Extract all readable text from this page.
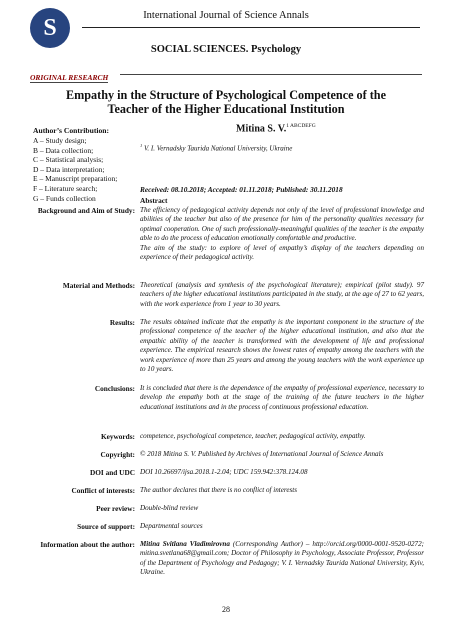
S	International Journal of Science Annals
SOCIAL SCIENCES. Psychology
ORIGINAL RESEARCH
Empathy in the Structure of Psychological Competence of the Teacher of the Higher Educational Institution
Author’s Contribution:
A – Study design;
B – Data collection;
C – Statistical analysis;
D – Data interpretation;
E – Manuscript preparation;
F – Literature search;
G – Funds collection
Mitina S. V.$^{1 ABCDEFG}$
$^1$ V. I. Vernadsky Taurida National University, Ukraine
Received: 08.10.2018; Accepted: 01.11.2018; Published: 30.11.2018
Abstract
Background and Aim of Study: The efficiency of pedagogical activity depends not only of the level of professional knowledge and abilities of the teacher but also of the presence for him of the personality qualities necessary for optimal cooperation. One of such professionally-meaningful qualities of the teacher is the empathy able to do the process of education emotionally comfortable and productive.
The aim of the study: to explore of level of empathy’s display of the teachers depending on experience of their pedagogical activity.
Material and Methods: Theoretical (analysis and synthesis of the psychological literature); empirical (pilot study). 97 teachers of the higher educational institutions participated in the study, at the age of 27 to 62 years, with the work experience from 1 year to 30 years.
Results: The results obtained indicate that the empathy is the important component in the structure of the professional competence of the teacher of the higher educational institution, and also that the empathic ability of the teacher is transformed with the development of life and professional experience. The empirical research shows the lowest rates of empathy among the teachers with the work experience of more than 25 years and among the young teachers with the work experience up to 10 years.
Conclusions: It is concluded that there is the dependence of the empathy of professional experience, necessary to develop the empathy both at the stage of the training of the future teachers in the higher educational institutions and in the process of continuous professional education.
Keywords: competence, psychological competence, teacher, pedagogical activity, empathy.
Copyright: © 2018 Mitina S. V. Published by Archives of International Journal of Science Annals
DOI and UDC DOI 10.26697/ijsa.2018.1-2.04; UDC 159.942:378.124.08
Conflict of interests: The author declares that there is no conflict of interests
Peer review: Double-blind review
Source of support: Departmental sources
Information about the author: Mitina Svitlana Vladimirovna (Corresponding Author) – http://orcid.org/0000-0001-9520-0272; mitina.svetlana68@gmail.com; Doctor of Philosophy in Psychology, Associate Professor, Professor of the Department of Psychology and Pedagogy; V. I. Vernadsky Taurida National University, Kyiv, Ukraine.
28
